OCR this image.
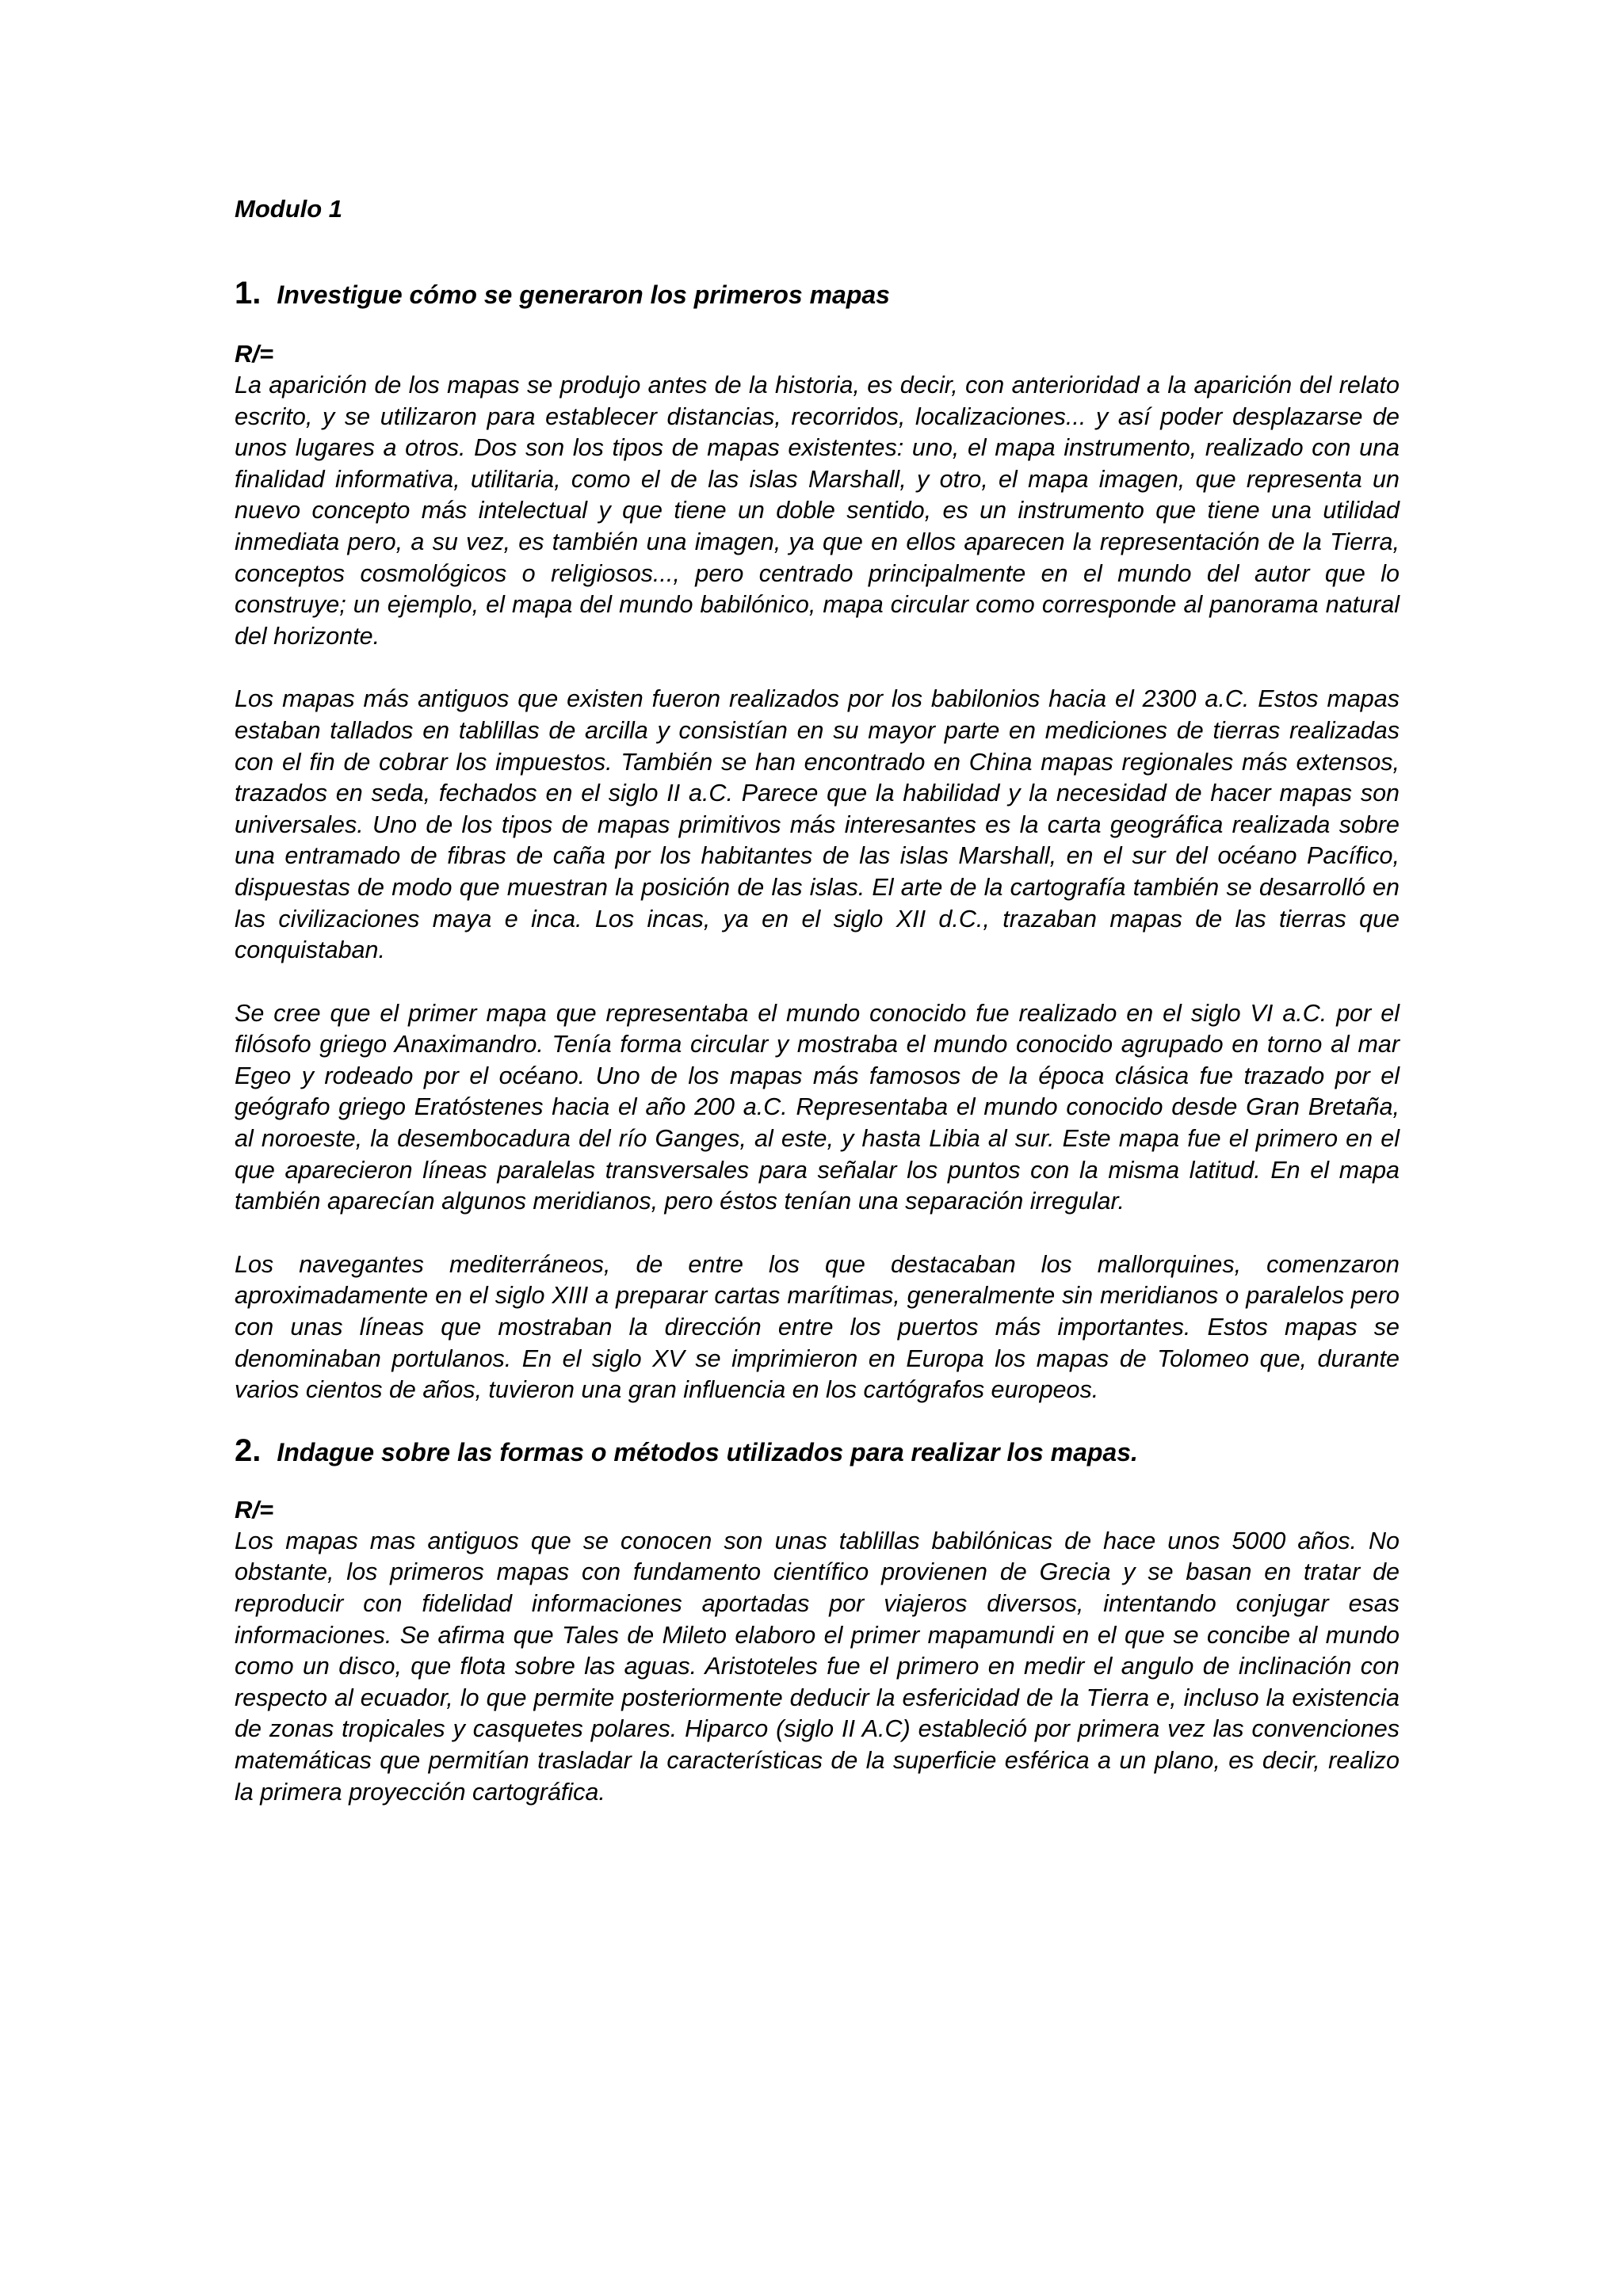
Modulo 1

1. Investigue cómo se generaron los primeros mapas

R/=

La aparición de los mapas se produjo antes de la historia, es decir, con anterioridad a la aparición del relato escrito, y se utilizaron para establecer distancias, recorridos, localizaciones... y así poder desplazarse de unos lugares a otros. Dos son los tipos de mapas existentes: uno, el mapa instrumento, realizado con una finalidad informativa, utilitaria, como el de las islas Marshall, y otro, el mapa imagen, que representa un nuevo concepto más intelectual y que tiene un doble sentido, es un instrumento que tiene una utilidad inmediata pero, a su vez, es también una imagen, ya que en ellos aparecen la representación de la Tierra, conceptos cosmológicos o religiosos..., pero centrado principalmente en el mundo del autor que lo construye; un ejemplo, el mapa del mundo babilónico, mapa circular como corresponde al panorama natural del horizonte.

Los mapas más antiguos que existen fueron realizados por los babilonios hacia el 2300 a.C. Estos mapas estaban tallados en tablillas de arcilla y consistían en su mayor parte en mediciones de tierras realizadas con el fin de cobrar los impuestos. También se han encontrado en China mapas regionales más extensos, trazados en seda, fechados en el siglo II a.C. Parece que la habilidad y la necesidad de hacer mapas son universales. Uno de los tipos de mapas primitivos más interesantes es la carta geográfica realizada sobre una entramado de fibras de caña por los habitantes de las islas Marshall, en el sur del océano Pacífico, dispuestas de modo que muestran la posición de las islas. El arte de la cartografía también se desarrolló en las civilizaciones maya e inca. Los incas, ya en el siglo XII d.C., trazaban mapas de las tierras que conquistaban.

Se cree que el primer mapa que representaba el mundo conocido fue realizado en el siglo VI a.C. por el filósofo griego Anaximandro. Tenía forma circular y mostraba el mundo conocido agrupado en torno al mar Egeo y rodeado por el océano. Uno de los mapas más famosos de la época clásica fue trazado por el geógrafo griego Eratóstenes hacia el año 200 a.C. Representaba el mundo conocido desde Gran Bretaña, al noroeste, la desembocadura del río Ganges, al este, y hasta Libia al sur. Este mapa fue el primero en el que aparecieron líneas paralelas transversales para señalar los puntos con la misma latitud. En el mapa también aparecían algunos meridianos, pero éstos tenían una separación irregular.

Los navegantes mediterráneos, de entre los que destacaban los mallorquines, comenzaron aproximadamente en el siglo XIII a preparar cartas marítimas, generalmente sin meridianos o paralelos pero con unas líneas que mostraban la dirección entre los puertos más importantes. Estos mapas se denominaban portulanos. En el siglo XV se imprimieron en Europa los mapas de Tolomeo que, durante varios cientos de años, tuvieron una gran influencia en los cartógrafos europeos.

2. Indague sobre las formas o métodos utilizados para realizar los mapas.

R/=

Los mapas mas antiguos que se conocen son unas tablillas babilónicas de hace unos 5000 años. No obstante, los primeros mapas con fundamento científico provienen de Grecia y se basan en tratar de reproducir con fidelidad informaciones aportadas por viajeros diversos, intentando conjugar esas informaciones. Se afirma que Tales de Mileto elaboro el primer mapamundi en el que se concibe al mundo como un disco, que flota sobre las aguas. Aristoteles fue el primero en medir el angulo de inclinación con respecto al ecuador, lo que permite posteriormente deducir la esfericidad de la Tierra e, incluso la existencia de zonas tropicales y casquetes polares. Hiparco (siglo II A.C) estableció por primera vez las convenciones matemáticas que permitían trasladar la características de la superficie esférica a un plano, es decir, realizo la primera proyección cartográfica.
